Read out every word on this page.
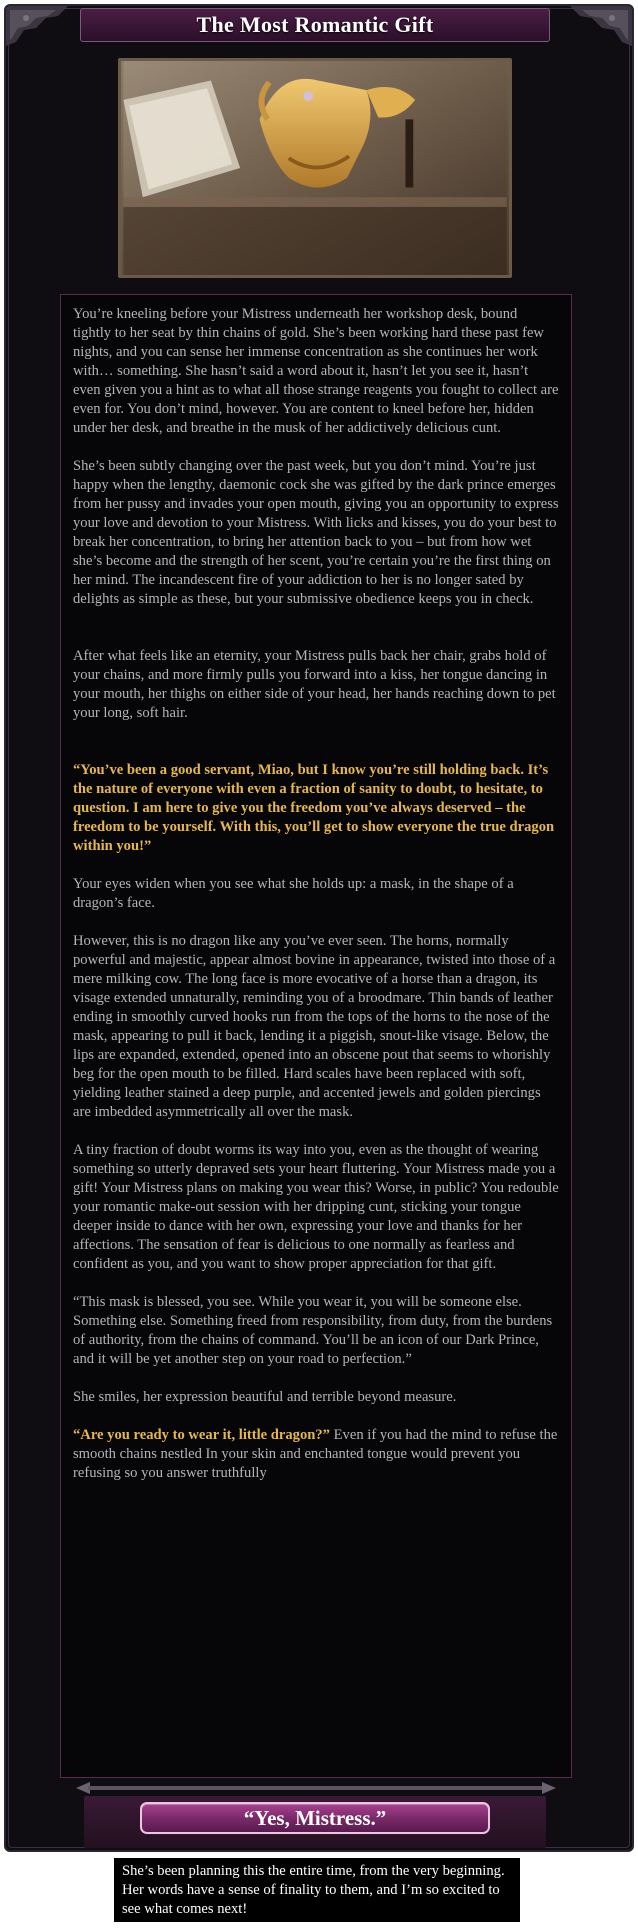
The Most Romantic Gift

You’re kneeling before your Mistress underneath her workshop desk, bound tightly to her seat by thin chains of gold. She’s been working hard these past few nights, and you can sense her immense concentration as she continues her work with… something. She hasn’t said a word about it, hasn’t let you see it, hasn’t even given you a hint as to what all those strange reagents you fought to collect are even for. You don’t mind, however. You are content to kneel before her, hidden under her desk, and breathe in the musk of her addictively delicious cunt.

She’s been subtly changing over the past week, but you don’t mind. You’re just happy when the lengthy, daemonic cock she was gifted by the dark prince emerges from her pussy and invades your open mouth, giving you an opportunity to express your love and devotion to your Mistress. With licks and kisses, you do your best to break her concentration, to bring her attention back to you – but from how wet she’s become and the strength of her scent, you’re certain you’re the first thing on her mind. The incandescent fire of your addiction to her is no longer sated by delights as simple as these, but your submissive obedience keeps you in check.

After what feels like an eternity, your Mistress pulls back her chair, grabs hold of your chains, and more firmly pulls you forward into a kiss, her tongue dancing in your mouth, her thighs on either side of your head, her hands reaching down to pet your long, soft hair.

“You’ve been a good servant, Miao, but I know you’re still holding back. It’s the nature of everyone with even a fraction of sanity to doubt, to hesitate, to question. I am here to give you the freedom you’ve always deserved – the freedom to be yourself. With this, you’ll get to show everyone the true dragon within you!”

Your eyes widen when you see what she holds up: a mask, in the shape of a dragon’s face.

However, this is no dragon like any you’ve ever seen. The horns, normally powerful and majestic, appear almost bovine in appearance, twisted into those of a mere milking cow. The long face is more evocative of a horse than a dragon, its visage extended unnaturally, reminding you of a broodmare. Thin bands of leather ending in smoothly curved hooks run from the tops of the horns to the nose of the mask, appearing to pull it back, lending it a piggish, snout-like visage. Below, the lips are expanded, extended, opened into an obscene pout that seems to whorishly beg for the open mouth to be filled. Hard scales have been replaced with soft, yielding leather stained a deep purple, and accented jewels and golden piercings are imbedded asymmetrically all over the mask.

A tiny fraction of doubt worms its way into you, even as the thought of wearing something so utterly depraved sets your heart fluttering. Your Mistress made you a gift! Your Mistress plans on making you wear this? Worse, in public? You redouble your romantic make-out session with her dripping cunt, sticking your tongue deeper inside to dance with her own, expressing your love and thanks for her affections. The sensation of fear is delicious to one normally as fearless and confident as you, and you want to show proper appreciation for that gift.

“This mask is blessed, you see. While you wear it, you will be someone else. Something else. Something freed from responsibility, from duty, from the burdens of authority, from the chains of command. You’ll be an icon of our Dark Prince, and it will be yet another step on your road to perfection.”

She smiles, her expression beautiful and terrible beyond measure.

“Are you ready to wear it, little dragon?” Even if you had the mind to refuse the smooth chains nestled In your skin and enchanted tongue would prevent you refusing so you answer truthfully

“Yes, Mistress.”
She’s been planning this the entire time, from the very beginning. Her words have a sense of finality to them, and I’m so excited to see what comes next!
